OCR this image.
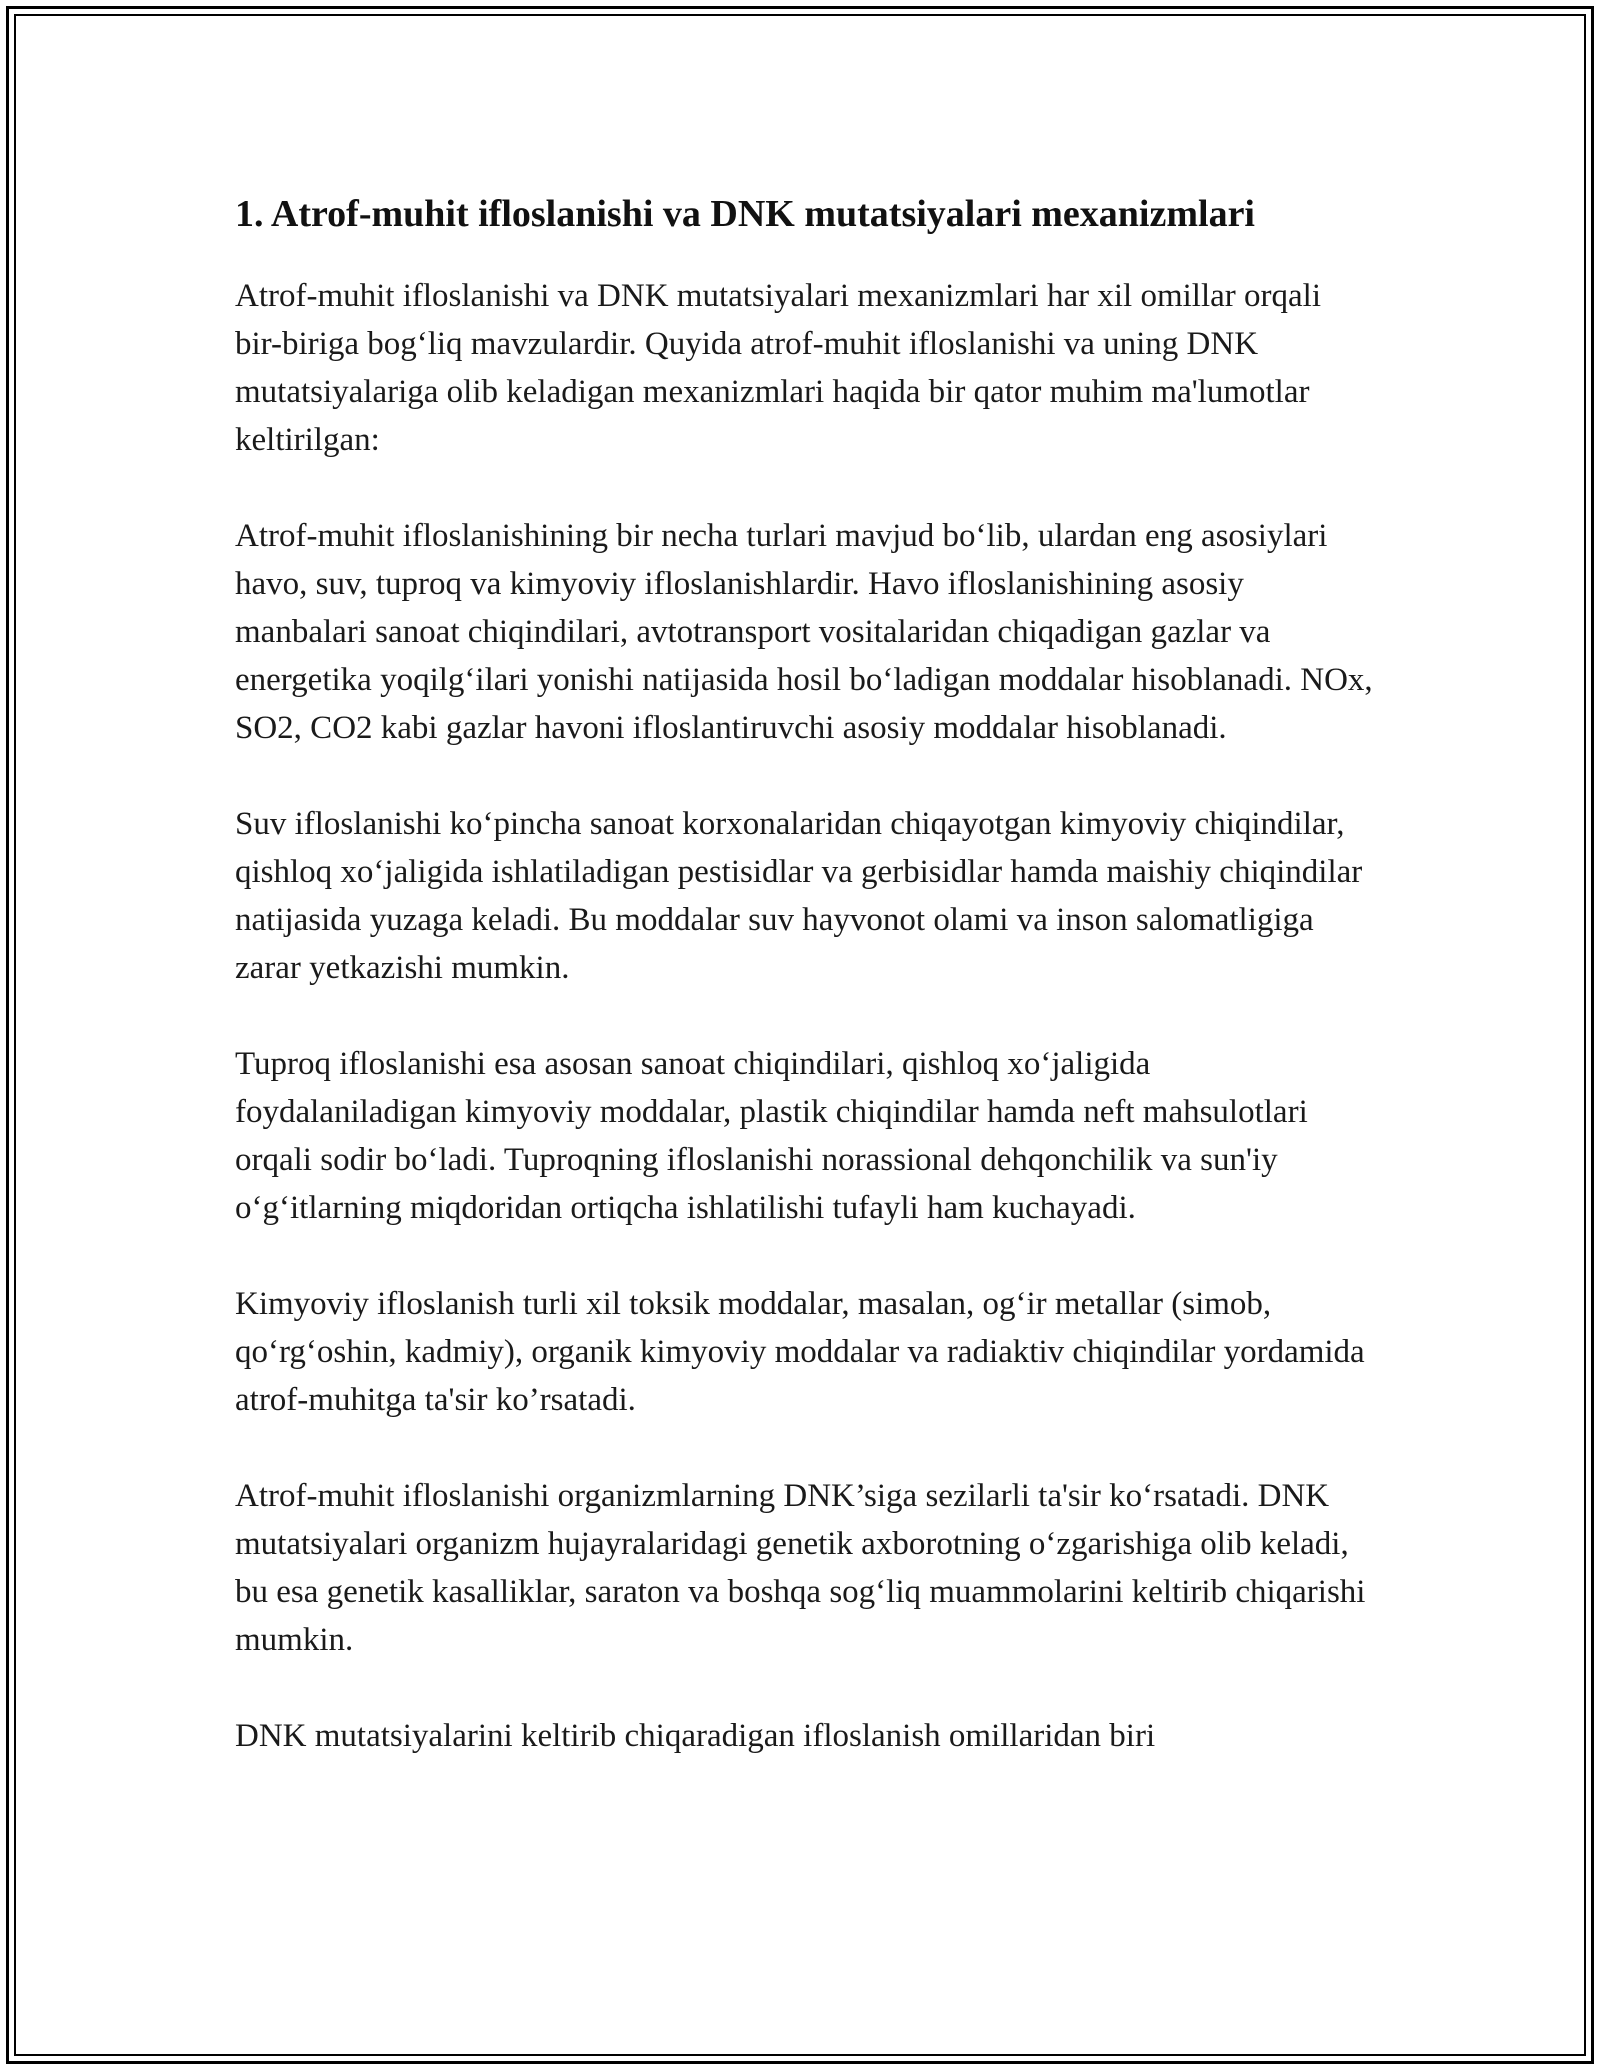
1. Atrof-muhit ifloslanishi va DNK mutatsiyalari mexanizmlari

Atrof-muhit ifloslanishi va DNK mutatsiyalari mexanizmlari har xil omillar orqali bir-biriga bog‘liq mavzulardir. Quyida atrof-muhit ifloslanishi va uning DNK mutatsiyalariga olib keladigan mexanizmlari haqida bir qator muhim ma'lumotlar keltirilgan:

Atrof-muhit ifloslanishining bir necha turlari mavjud bo‘lib, ulardan eng asosiylari havo, suv, tuproq va kimyoviy ifloslanishlardir. Havo ifloslanishining asosiy manbalari sanoat chiqindilari, avtotransport vositalaridan chiqadigan gazlar va energetika yoqilg‘ilari yonishi natijasida hosil bo‘ladigan moddalar hisoblanadi. NOx, SO2, CO2 kabi gazlar havoni ifloslantiruvchi asosiy moddalar hisoblanadi.

Suv ifloslanishi ko‘pincha sanoat korxonalaridan chiqayotgan kimyoviy chiqindilar, qishloq xo‘jaligida ishlatiladigan pestisidlar va gerbisidlar hamda maishiy chiqindilar natijasida yuzaga keladi. Bu moddalar suv hayvonot olami va inson salomatligiga zarar yetkazishi mumkin.

Tuproq ifloslanishi esa asosan sanoat chiqindilari, qishloq xo‘jaligida foydalaniladigan kimyoviy moddalar, plastik chiqindilar hamda neft mahsulotlari orqali sodir bo‘ladi. Tuproqning ifloslanishi norassional dehqonchilik va sun'iy o‘g‘itlarning miqdoridan ortiqcha ishlatilishi tufayli ham kuchayadi.

Kimyoviy ifloslanish turli xil toksik moddalar, masalan, og‘ir metallar (simob, qo‘rg‘oshin, kadmiy), organik kimyoviy moddalar va radiaktiv chiqindilar yordamida atrof-muhitga ta'sir ko’rsatadi.

Atrof-muhit ifloslanishi organizmlarning DNK’siga sezilarli ta'sir ko‘rsatadi. DNK mutatsiyalari organizm hujayralaridagi genetik axborotning o‘zgarishiga olib keladi, bu esa genetik kasalliklar, saraton va boshqa sog‘liq muammolarini keltirib chiqarishi mumkin.

DNK mutatsiyalarini keltirib chiqaradigan ifloslanish omillaridan biri
